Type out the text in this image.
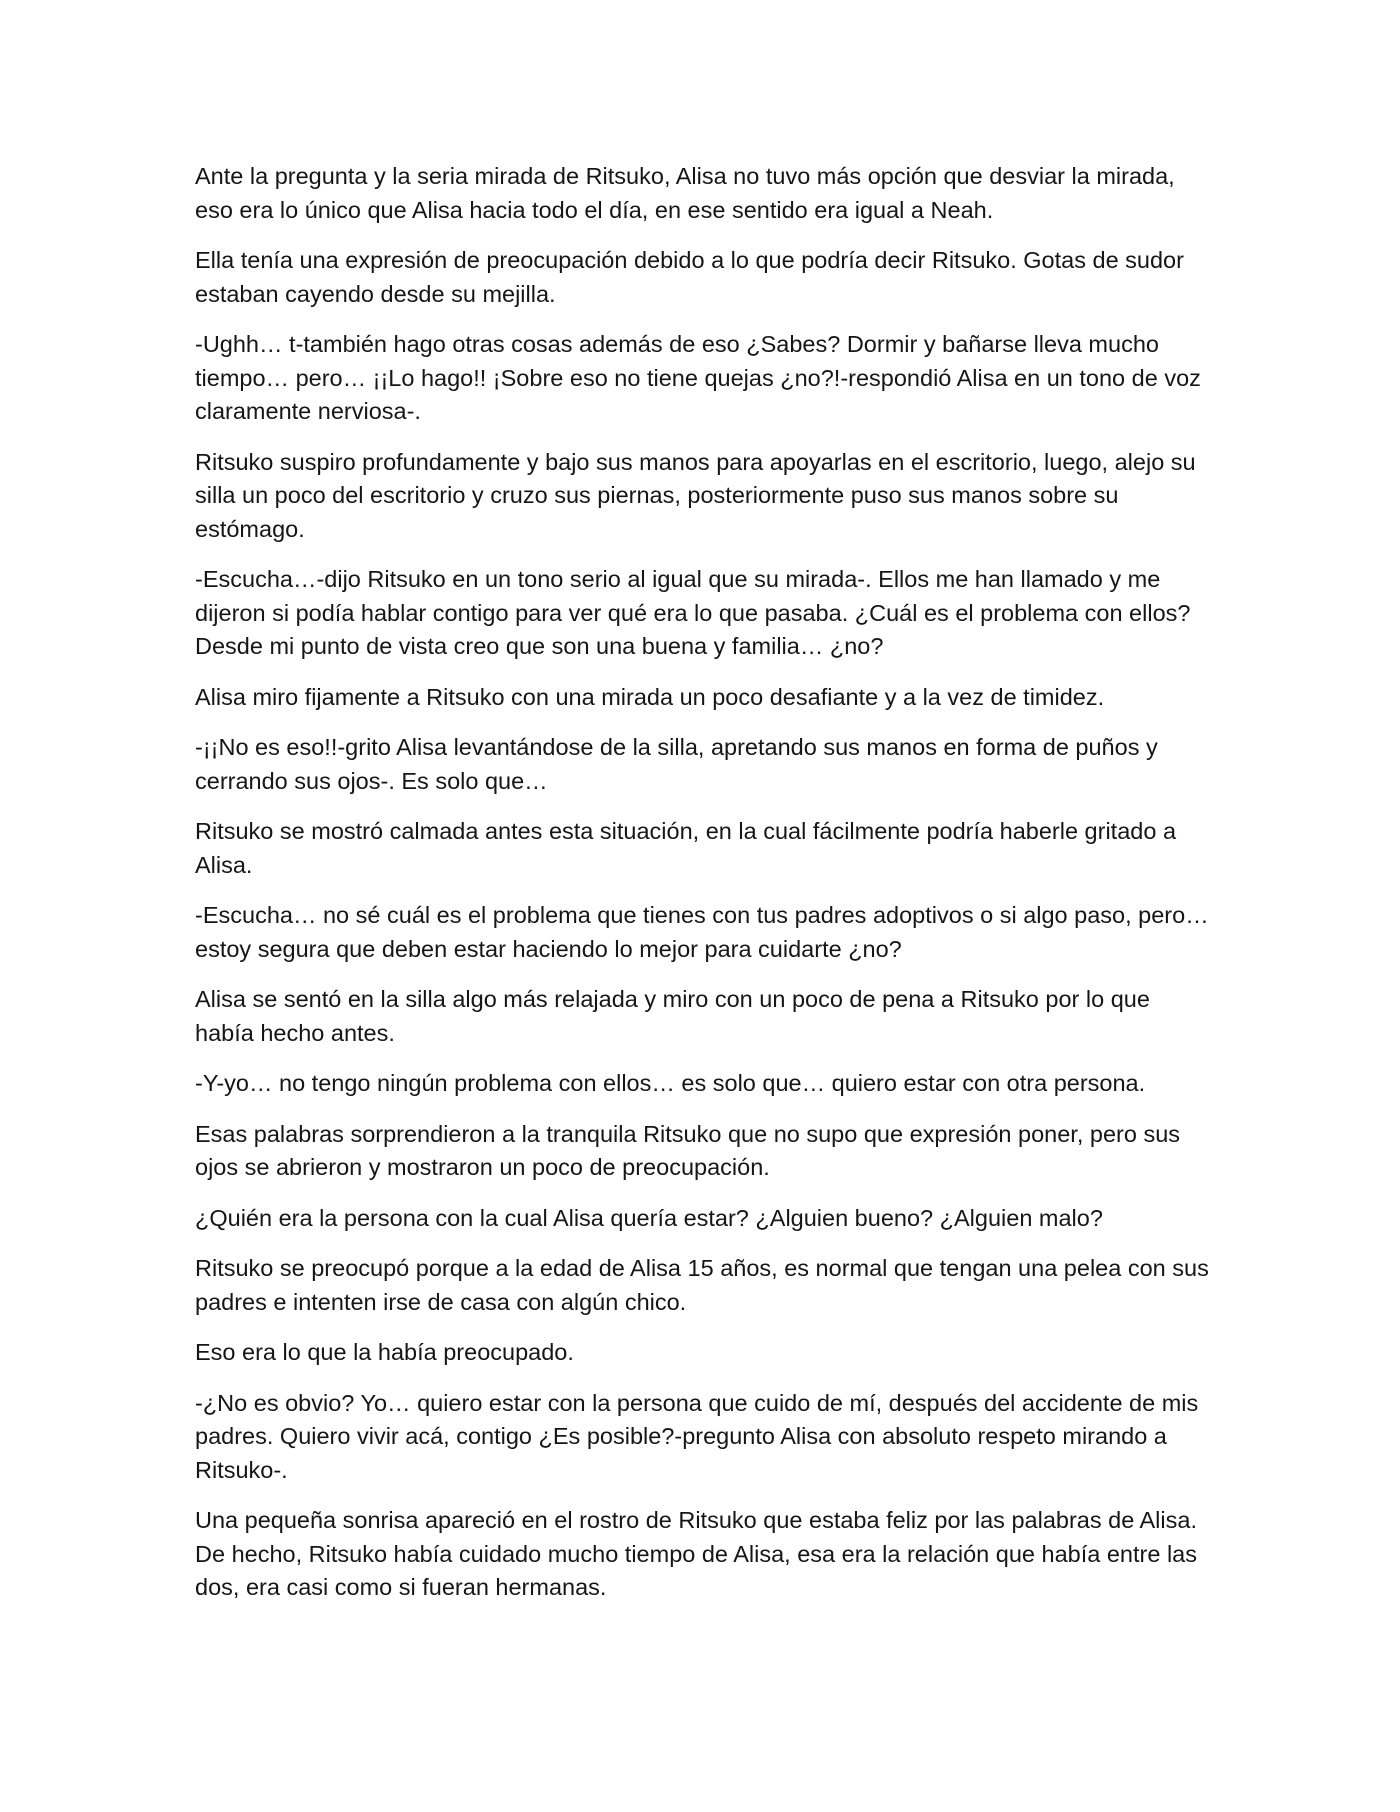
Ante la pregunta y la seria mirada de Ritsuko, Alisa no tuvo más opción que desviar la mirada, eso era lo único que Alisa hacia todo el día, en ese sentido era igual a Neah.

Ella tenía una expresión de preocupación debido a lo que podría decir Ritsuko. Gotas de sudor estaban cayendo desde su mejilla.

-Ughh… t-también hago otras cosas además de eso ¿Sabes? Dormir y bañarse lleva mucho tiempo… pero… ¡¡Lo hago!! ¡Sobre eso no tiene quejas ¿no?!-respondió Alisa en un tono de voz claramente nerviosa-.

Ritsuko suspiro profundamente y bajo sus manos para apoyarlas en el escritorio, luego, alejo su silla un poco del escritorio y cruzo sus piernas, posteriormente puso sus manos sobre su estómago.

-Escucha…-dijo Ritsuko en un tono serio al igual que su mirada-. Ellos me han llamado y me dijeron si podía hablar contigo para ver qué era lo que pasaba. ¿Cuál es el problema con ellos? Desde mi punto de vista creo que son una buena y familia… ¿no?

Alisa miro fijamente a Ritsuko con una mirada un poco desafiante y a la vez de timidez.

-¡¡No es eso!!-grito Alisa levantándose de la silla, apretando sus manos en forma de puños y cerrando sus ojos-. Es solo que…

Ritsuko se mostró calmada antes esta situación, en la cual fácilmente podría haberle gritado a Alisa.

-Escucha… no sé cuál es el problema que tienes con tus padres adoptivos o si algo paso, pero… estoy segura que deben estar haciendo lo mejor para cuidarte ¿no?

Alisa se sentó en la silla algo más relajada y miro con un poco de pena a Ritsuko por lo que había hecho antes.

-Y-yo… no tengo ningún problema con ellos… es solo que… quiero estar con otra persona.

Esas palabras sorprendieron a la tranquila Ritsuko que no supo que expresión poner, pero sus ojos se abrieron y mostraron un poco de preocupación.

¿Quién era la persona con la cual Alisa quería estar? ¿Alguien bueno? ¿Alguien malo?

Ritsuko se preocupó porque a la edad de Alisa 15 años, es normal que tengan una pelea con sus padres e intenten irse de casa con algún chico.

Eso era lo que la había preocupado.

-¿No es obvio? Yo… quiero estar con la persona que cuido de mí, después del accidente de mis padres. Quiero vivir acá, contigo ¿Es posible?-pregunto Alisa con absoluto respeto mirando a Ritsuko-.

Una pequeña sonrisa apareció en el rostro de Ritsuko que estaba feliz por las palabras de Alisa. De hecho, Ritsuko había cuidado mucho tiempo de Alisa, esa era la relación que había entre las dos, era casi como si fueran hermanas.
